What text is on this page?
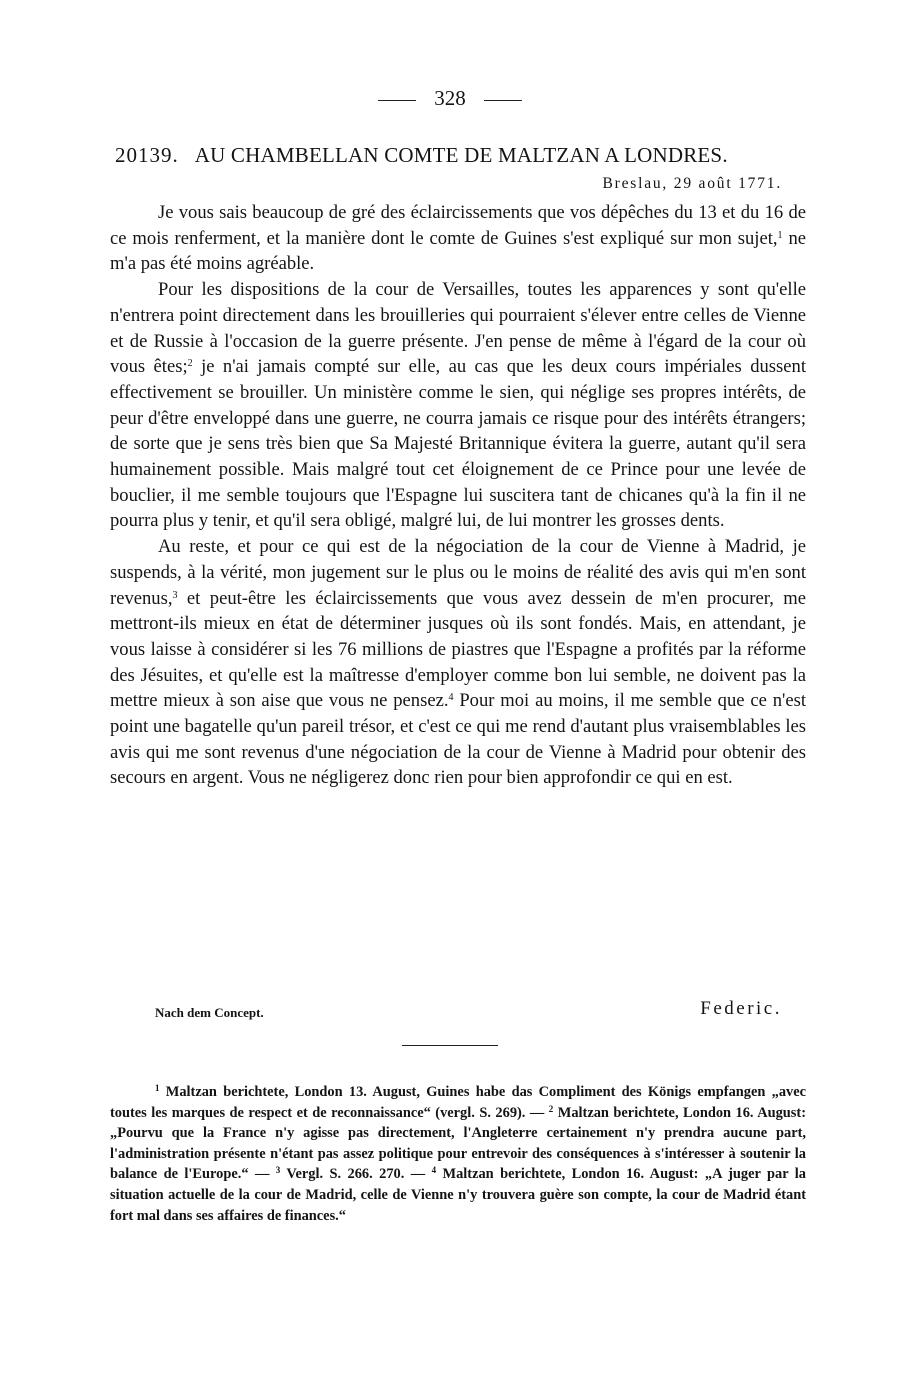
328
20139. AU CHAMBELLAN COMTE DE MALTZAN A LONDRES.
Breslau, 29 août 1771.

Je vous sais beaucoup de gré des éclaircissements que vos dépêches du 13 et du 16 de ce mois renferment, et la manière dont le comte de Guines s'est expliqué sur mon sujet,$^1$ ne m'a pas été moins agréable.

Pour les dispositions de la cour de Versailles, toutes les apparences y sont qu'elle n'entrera point directement dans les brouilleries qui pourraient s'élever entre celles de Vienne et de Russie à l'occasion de la guerre présente. J'en pense de même à l'égard de la cour où vous êtes;$^2$ je n'ai jamais compté sur elle, au cas que les deux cours impériales dussent effectivement se brouiller. Un ministère comme le sien, qui néglige ses propres intérêts, de peur d'être enveloppé dans une guerre, ne courra jamais ce risque pour des intérêts étrangers; de sorte que je sens très bien que Sa Majesté Britannique évitera la guerre, autant qu'il sera humainement possible. Mais malgré tout cet éloignement de ce Prince pour une levée de bouclier, il me semble toujours que l'Espagne lui suscitera tant de chicanes qu'à la fin il ne pourra plus y tenir, et qu'il sera obligé, malgré lui, de lui montrer les grosses dents.

Au reste, et pour ce qui est de la négociation de la cour de Vienne à Madrid, je suspends, à la vérité, mon jugement sur le plus ou le moins de réalité des avis qui m'en sont revenus,$^3$ et peut-être les éclaircissements que vous avez dessein de m'en procurer, me mettront-ils mieux en état de déterminer jusques où ils sont fondés. Mais, en attendant, je vous laisse à considérer si les 76 millions de piastres que l'Espagne a profités par la réforme des Jésuites, et qu'elle est la maîtresse d'employer comme bon lui semble, ne doivent pas la mettre mieux à son aise que vous ne pensez.$^4$ Pour moi au moins, il me semble que ce n'est point une bagatelle qu'un pareil trésor, et c'est ce qui me rend d'autant plus vraisemblables les avis qui me sont revenus d'une négociation de la cour de Vienne à Madrid pour obtenir des secours en argent. Vous ne négligerez donc rien pour bien approfondir ce qui en est.

Nach dem Concept.	Federic.

$^1$ Maltzan berichtete, London 13. August, Guines habe das Compliment des Königs empfangen „avec toutes les marques de respect et de reconnaissance“ (vergl. S. 269). — $^2$ Maltzan berichtete, London 16. August: „Pourvu que la France n'y agisse pas directement, l'Angleterre certainement n'y prendra aucune part, l'administration présente n'étant pas assez politique pour entrevoir des conséquences à s'intéresser à soutenir la balance de l'Europe.“ — $^3$ Vergl. S. 266. 270. — $^4$ Maltzan berichtete, London 16. August: „A juger par la situation actuelle de la cour de Madrid, celle de Vienne n'y trouvera guère son compte, la cour de Madrid étant fort mal dans ses affaires de finances.“
